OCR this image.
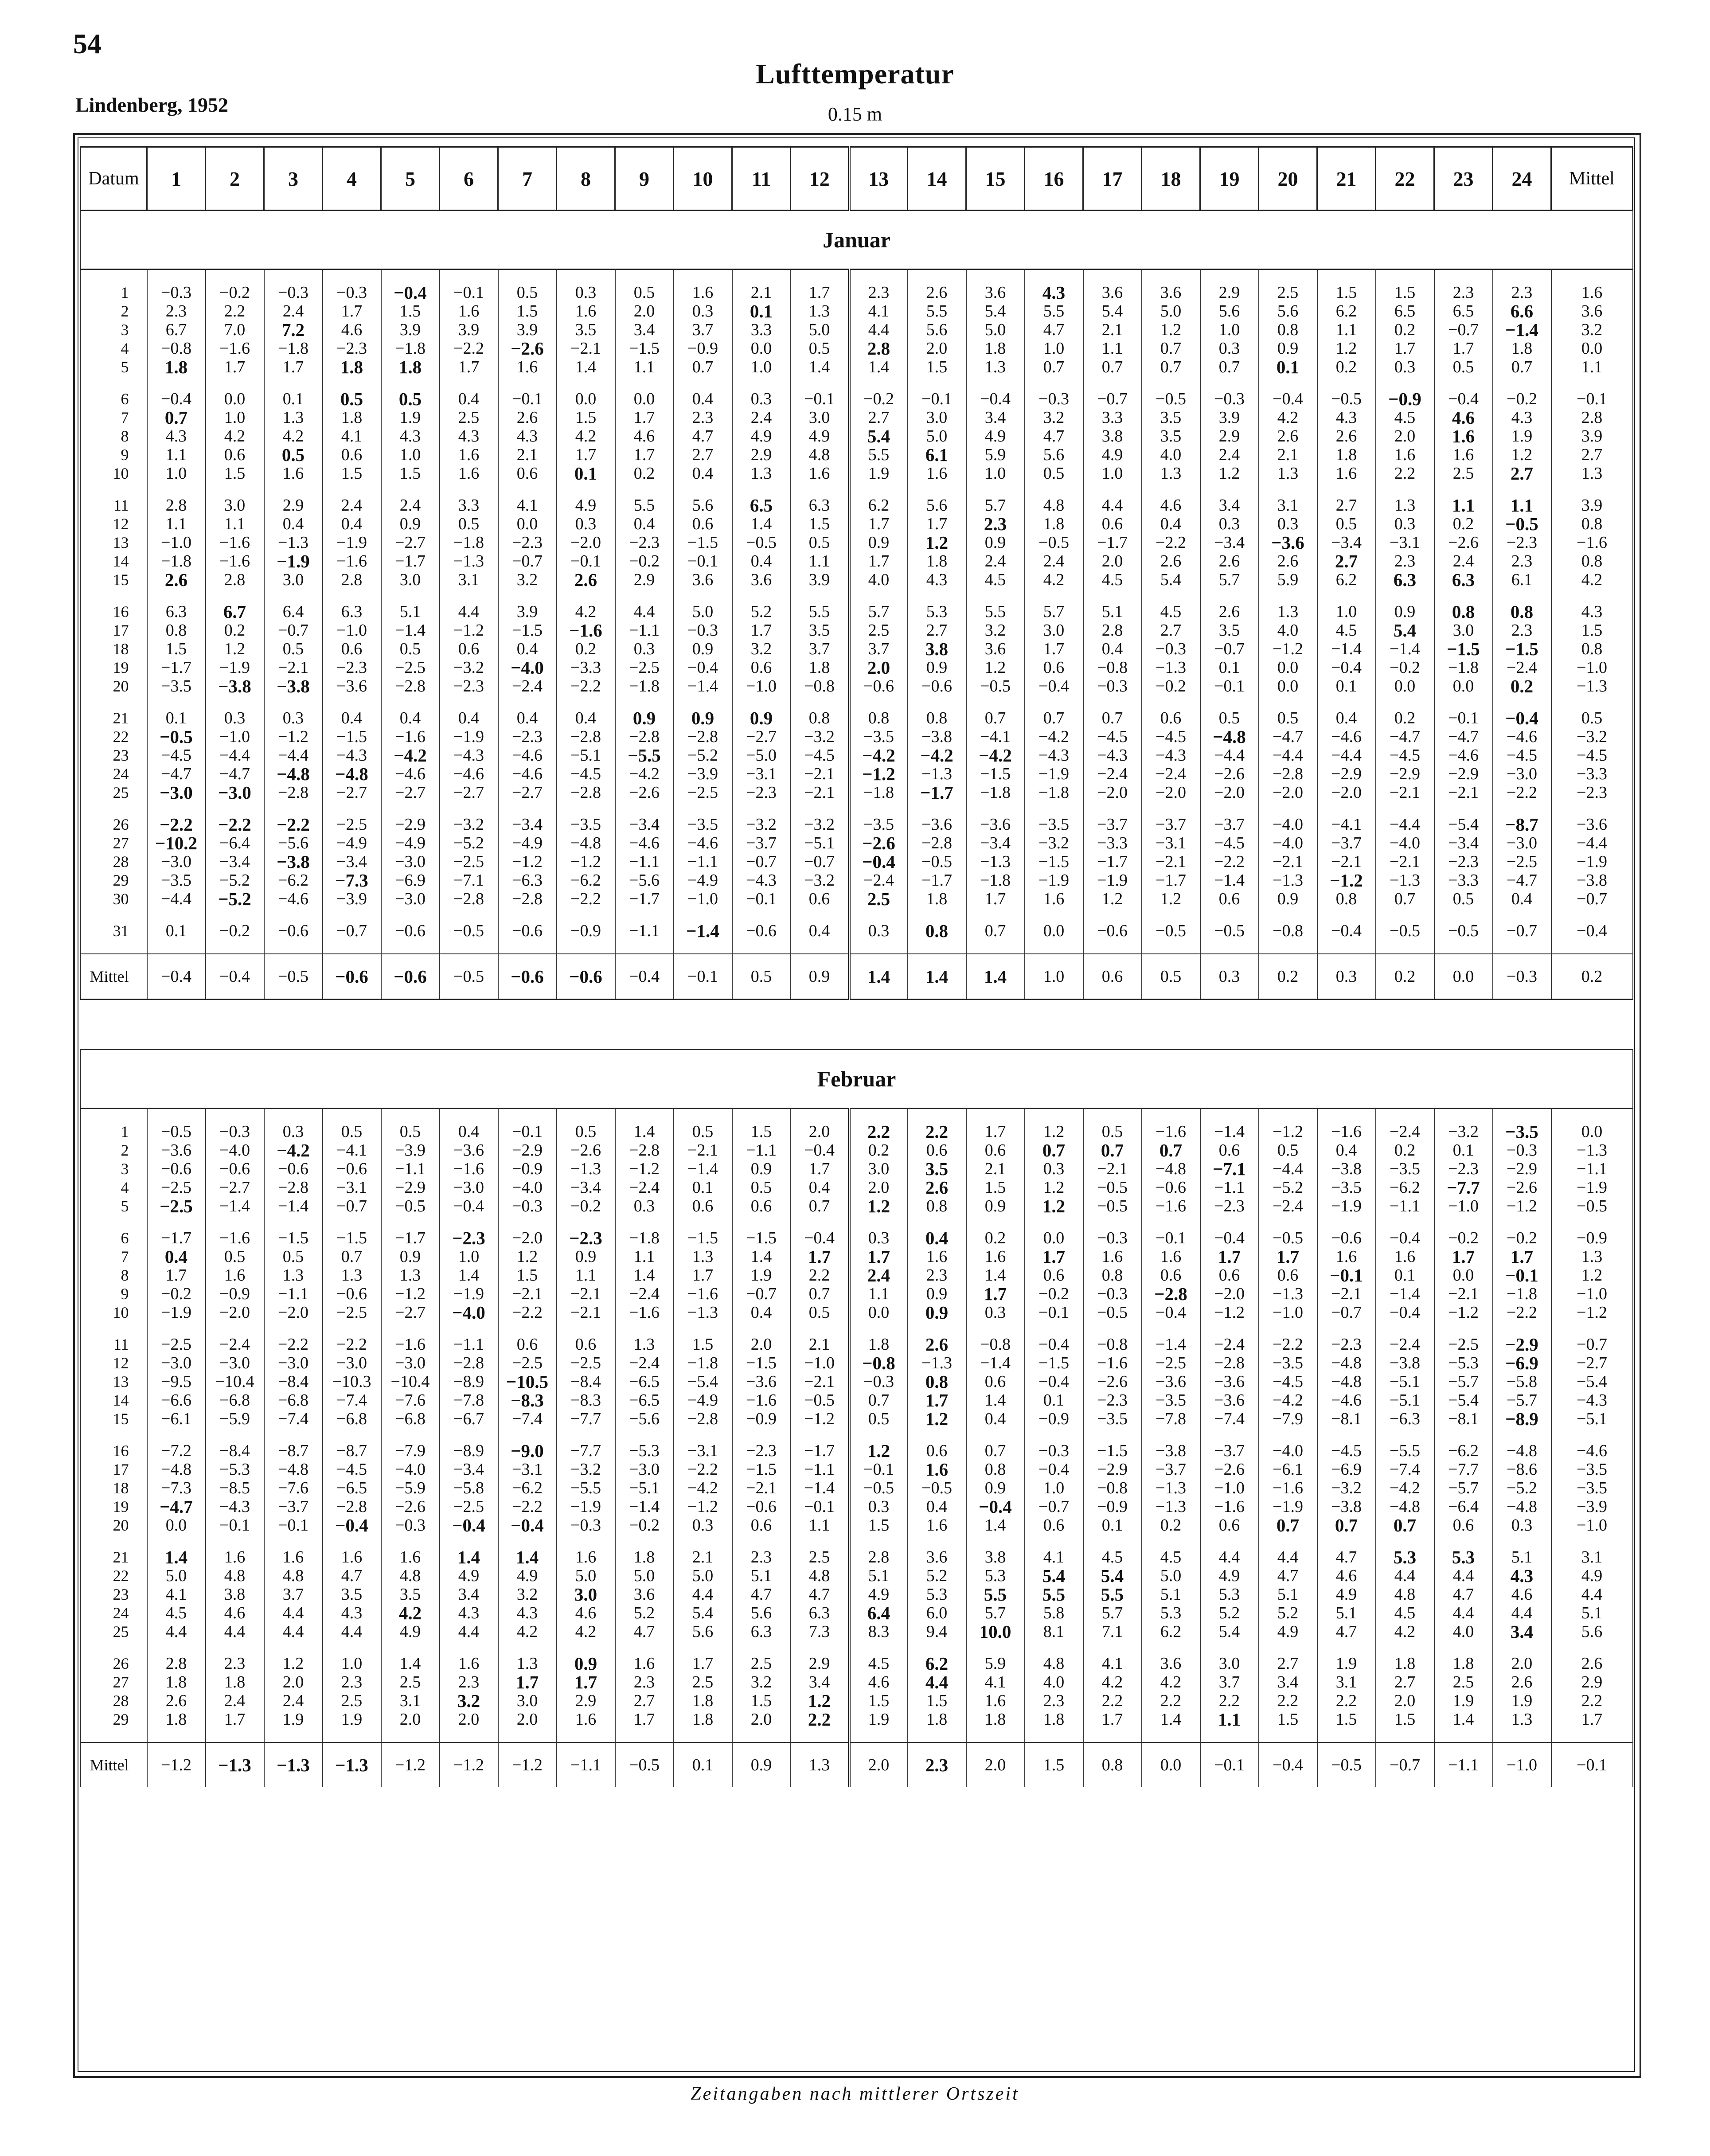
54
Lufttemperatur
Lindenberg, 1952	0.15 m
Datum	1	2	3	4	5	6	7	8	9	10	11	12	13	14	15	16	17	18	19	20	21	22	23	24	Mittel
Januar																									

1	−0.3	−0.2	−0.3	−0.3	−0.4	−0.1	0.5	0.3	0.5	1.6	2.1	1.7	2.3	2.6	3.6	4.3	3.6	3.6	2.9	2.5	1.5	1.5	2.3	2.3	1.6
2	2.3	2.2	2.4	1.7	1.5	1.6	1.5	1.6	2.0	0.3	0.1	1.3	4.1	5.5	5.4	5.5	5.4	5.0	5.6	5.6	6.2	6.5	6.5	6.6	3.6
3	6.7	7.0	7.2	4.6	3.9	3.9	3.9	3.5	3.4	3.7	3.3	5.0	4.4	5.6	5.0	4.7	2.1	1.2	1.0	0.8	1.1	0.2	−0.7	−1.4	3.2
4	−0.8	−1.6	−1.8	−2.3	−1.8	−2.2	−2.6	−2.1	−1.5	−0.9	0.0	0.5	2.8	2.0	1.8	1.0	1.1	0.7	0.3	0.9	1.2	1.7	1.7	1.8	0.0
5	1.8	1.7	1.7	1.8	1.8	1.7	1.6	1.4	1.1	0.7	1.0	1.4	1.4	1.5	1.3	0.7	0.7	0.7	0.7	0.1	0.2	0.3	0.5	0.7	1.1

6	−0.4	0.0	0.1	0.5	0.5	0.4	−0.1	0.0	0.0	0.4	0.3	−0.1	−0.2	−0.1	−0.4	−0.3	−0.7	−0.5	−0.3	−0.4	−0.5	−0.9	−0.4	−0.2	−0.1
7	0.7	1.0	1.3	1.8	1.9	2.5	2.6	1.5	1.7	2.3	2.4	3.0	2.7	3.0	3.4	3.2	3.3	3.5	3.9	4.2	4.3	4.5	4.6	4.3	2.8
8	4.3	4.2	4.2	4.1	4.3	4.3	4.3	4.2	4.6	4.7	4.9	4.9	5.4	5.0	4.9	4.7	3.8	3.5	2.9	2.6	2.6	2.0	1.6	1.9	3.9
9	1.1	0.6	0.5	0.6	1.0	1.6	2.1	1.7	1.7	2.7	2.9	4.8	5.5	6.1	5.9	5.6	4.9	4.0	2.4	2.1	1.8	1.6	1.6	1.2	2.7
10	1.0	1.5	1.6	1.5	1.5	1.6	0.6	0.1	0.2	0.4	1.3	1.6	1.9	1.6	1.0	0.5	1.0	1.3	1.2	1.3	1.6	2.2	2.5	2.7	1.3

11	2.8	3.0	2.9	2.4	2.4	3.3	4.1	4.9	5.5	5.6	6.5	6.3	6.2	5.6	5.7	4.8	4.4	4.6	3.4	3.1	2.7	1.3	1.1	1.1	3.9
12	1.1	1.1	0.4	0.4	0.9	0.5	0.0	0.3	0.4	0.6	1.4	1.5	1.7	1.7	2.3	1.8	0.6	0.4	0.3	0.3	0.5	0.3	0.2	−0.5	0.8
13	−1.0	−1.6	−1.3	−1.9	−2.7	−1.8	−2.3	−2.0	−2.3	−1.5	−0.5	0.5	0.9	1.2	0.9	−0.5	−1.7	−2.2	−3.4	−3.6	−3.4	−3.1	−2.6	−2.3	−1.6
14	−1.8	−1.6	−1.9	−1.6	−1.7	−1.3	−0.7	−0.1	−0.2	−0.1	0.4	1.1	1.7	1.8	2.4	2.4	2.0	2.6	2.6	2.6	2.7	2.3	2.4	2.3	0.8
15	2.6	2.8	3.0	2.8	3.0	3.1	3.2	2.6	2.9	3.6	3.6	3.9	4.0	4.3	4.5	4.2	4.5	5.4	5.7	5.9	6.2	6.3	6.3	6.1	4.2

16	6.3	6.7	6.4	6.3	5.1	4.4	3.9	4.2	4.4	5.0	5.2	5.5	5.7	5.3	5.5	5.7	5.1	4.5	2.6	1.3	1.0	0.9	0.8	0.8	4.3
17	0.8	0.2	−0.7	−1.0	−1.4	−1.2	−1.5	−1.6	−1.1	−0.3	1.7	3.5	2.5	2.7	3.2	3.0	2.8	2.7	3.5	4.0	4.5	5.4	3.0	2.3	1.5
18	1.5	1.2	0.5	0.6	0.5	0.6	0.4	0.2	0.3	0.9	3.2	3.7	3.7	3.8	3.6	1.7	0.4	−0.3	−0.7	−1.2	−1.4	−1.4	−1.5	−1.5	0.8
19	−1.7	−1.9	−2.1	−2.3	−2.5	−3.2	−4.0	−3.3	−2.5	−0.4	0.6	1.8	2.0	0.9	1.2	0.6	−0.8	−1.3	0.1	0.0	−0.4	−0.2	−1.8	−2.4	−1.0
20	−3.5	−3.8	−3.8	−3.6	−2.8	−2.3	−2.4	−2.2	−1.8	−1.4	−1.0	−0.8	−0.6	−0.6	−0.5	−0.4	−0.3	−0.2	−0.1	0.0	0.1	0.0	0.0	0.2	−1.3

21	0.1	0.3	0.3	0.4	0.4	0.4	0.4	0.4	0.9	0.9	0.9	0.8	0.8	0.8	0.7	0.7	0.7	0.6	0.5	0.5	0.4	0.2	−0.1	−0.4	0.5
22	−0.5	−1.0	−1.2	−1.5	−1.6	−1.9	−2.3	−2.8	−2.8	−2.8	−2.7	−3.2	−3.5	−3.8	−4.1	−4.2	−4.5	−4.5	−4.8	−4.7	−4.6	−4.7	−4.7	−4.6	−3.2
23	−4.5	−4.4	−4.4	−4.3	−4.2	−4.3	−4.6	−5.1	−5.5	−5.2	−5.0	−4.5	−4.2	−4.2	−4.2	−4.3	−4.3	−4.3	−4.4	−4.4	−4.4	−4.5	−4.6	−4.5	−4.5
24	−4.7	−4.7	−4.8	−4.8	−4.6	−4.6	−4.6	−4.5	−4.2	−3.9	−3.1	−2.1	−1.2	−1.3	−1.5	−1.9	−2.4	−2.4	−2.6	−2.8	−2.9	−2.9	−2.9	−3.0	−3.3
25	−3.0	−3.0	−2.8	−2.7	−2.7	−2.7	−2.7	−2.8	−2.6	−2.5	−2.3	−2.1	−1.8	−1.7	−1.8	−1.8	−2.0	−2.0	−2.0	−2.0	−2.0	−2.1	−2.1	−2.2	−2.3

26	−2.2	−2.2	−2.2	−2.5	−2.9	−3.2	−3.4	−3.5	−3.4	−3.5	−3.2	−3.2	−3.5	−3.6	−3.6	−3.5	−3.7	−3.7	−3.7	−4.0	−4.1	−4.4	−5.4	−8.7	−3.6
27	−10.2	−6.4	−5.6	−4.9	−4.9	−5.2	−4.9	−4.8	−4.6	−4.6	−3.7	−5.1	−2.6	−2.8	−3.4	−3.2	−3.3	−3.1	−4.5	−4.0	−3.7	−4.0	−3.4	−3.0	−4.4
28	−3.0	−3.4	−3.8	−3.4	−3.0	−2.5	−1.2	−1.2	−1.1	−1.1	−0.7	−0.7	−0.4	−0.5	−1.3	−1.5	−1.7	−2.1	−2.2	−2.1	−2.1	−2.1	−2.3	−2.5	−1.9
29	−3.5	−5.2	−6.2	−7.3	−6.9	−7.1	−6.3	−6.2	−5.6	−4.9	−4.3	−3.2	−2.4	−1.7	−1.8	−1.9	−1.9	−1.7	−1.4	−1.3	−1.2	−1.3	−3.3	−4.7	−3.8
30	−4.4	−5.2	−4.6	−3.9	−3.0	−2.8	−2.8	−2.2	−1.7	−1.0	−0.1	0.6	2.5	1.8	1.7	1.6	1.2	1.2	0.6	0.9	0.8	0.7	0.5	0.4	−0.7

31	0.1	−0.2	−0.6	−0.7	−0.6	−0.5	−0.6	−0.9	−1.1	−1.4	−0.6	0.4	0.3	0.8	0.7	0.0	−0.6	−0.5	−0.5	−0.8	−0.4	−0.5	−0.5	−0.7	−0.4

Mittel	−0.4	−0.4	−0.5	−0.6	−0.6	−0.5	−0.6	−0.6	−0.4	−0.1	0.5	0.9	1.4	1.4	1.4	1.0	0.6	0.5	0.3	0.2	0.3	0.2	0.0	−0.3	0.2

Februar																									

1	−0.5	−0.3	0.3	0.5	0.5	0.4	−0.1	0.5	1.4	0.5	1.5	2.0	2.2	2.2	1.7	1.2	0.5	−1.6	−1.4	−1.2	−1.6	−2.4	−3.2	−3.5	0.0
2	−3.6	−4.0	−4.2	−4.1	−3.9	−3.6	−2.9	−2.6	−2.8	−2.1	−1.1	−0.4	0.2	0.6	0.6	0.7	0.7	0.7	0.6	0.5	0.4	0.2	0.1	−0.3	−1.3
3	−0.6	−0.6	−0.6	−0.6	−1.1	−1.6	−0.9	−1.3	−1.2	−1.4	0.9	1.7	3.0	3.5	2.1	0.3	−2.1	−4.8	−7.1	−4.4	−3.8	−3.5	−2.3	−2.9	−1.1
4	−2.5	−2.7	−2.8	−3.1	−2.9	−3.0	−4.0	−3.4	−2.4	0.1	0.5	0.4	2.0	2.6	1.5	1.2	−0.5	−0.6	−1.1	−5.2	−3.5	−6.2	−7.7	−2.6	−1.9
5	−2.5	−1.4	−1.4	−0.7	−0.5	−0.4	−0.3	−0.2	0.3	0.6	0.6	0.7	1.2	0.8	0.9	1.2	−0.5	−1.6	−2.3	−2.4	−1.9	−1.1	−1.0	−1.2	−0.5

6	−1.7	−1.6	−1.5	−1.5	−1.7	−2.3	−2.0	−2.3	−1.8	−1.5	−1.5	−0.4	0.3	0.4	0.2	0.0	−0.3	−0.1	−0.4	−0.5	−0.6	−0.4	−0.2	−0.2	−0.9
7	0.4	0.5	0.5	0.7	0.9	1.0	1.2	0.9	1.1	1.3	1.4	1.7	1.7	1.6	1.6	1.7	1.6	1.6	1.7	1.7	1.6	1.6	1.7	1.7	1.3
8	1.7	1.6	1.3	1.3	1.3	1.4	1.5	1.1	1.4	1.7	1.9	2.2	2.4	2.3	1.4	0.6	0.8	0.6	0.6	0.6	−0.1	0.1	0.0	−0.1	1.2
9	−0.2	−0.9	−1.1	−0.6	−1.2	−1.9	−2.1	−2.1	−2.4	−1.6	−0.7	0.7	1.1	0.9	1.7	−0.2	−0.3	−2.8	−2.0	−1.3	−2.1	−1.4	−2.1	−1.8	−1.0
10	−1.9	−2.0	−2.0	−2.5	−2.7	−4.0	−2.2	−2.1	−1.6	−1.3	0.4	0.5	0.0	0.9	0.3	−0.1	−0.5	−0.4	−1.2	−1.0	−0.7	−0.4	−1.2	−2.2	−1.2

11	−2.5	−2.4	−2.2	−2.2	−1.6	−1.1	0.6	0.6	1.3	1.5	2.0	2.1	1.8	2.6	−0.8	−0.4	−0.8	−1.4	−2.4	−2.2	−2.3	−2.4	−2.5	−2.9	−0.7
12	−3.0	−3.0	−3.0	−3.0	−3.0	−2.8	−2.5	−2.5	−2.4	−1.8	−1.5	−1.0	−0.8	−1.3	−1.4	−1.5	−1.6	−2.5	−2.8	−3.5	−4.8	−3.8	−5.3	−6.9	−2.7
13	−9.5	−10.4	−8.4	−10.3	−10.4	−8.9	−10.5	−8.4	−6.5	−5.4	−3.6	−2.1	−0.3	0.8	0.6	−0.4	−2.6	−3.6	−3.6	−4.5	−4.8	−5.1	−5.7	−5.8	−5.4
14	−6.6	−6.8	−6.8	−7.4	−7.6	−7.8	−8.3	−8.3	−6.5	−4.9	−1.6	−0.5	0.7	1.7	1.4	0.1	−2.3	−3.5	−3.6	−4.2	−4.6	−5.1	−5.4	−5.7	−4.3
15	−6.1	−5.9	−7.4	−6.8	−6.8	−6.7	−7.4	−7.7	−5.6	−2.8	−0.9	−1.2	0.5	1.2	0.4	−0.9	−3.5	−7.8	−7.4	−7.9	−8.1	−6.3	−8.1	−8.9	−5.1

16	−7.2	−8.4	−8.7	−8.7	−7.9	−8.9	−9.0	−7.7	−5.3	−3.1	−2.3	−1.7	1.2	0.6	0.7	−0.3	−1.5	−3.8	−3.7	−4.0	−4.5	−5.5	−6.2	−4.8	−4.6
17	−4.8	−5.3	−4.8	−4.5	−4.0	−3.4	−3.1	−3.2	−3.0	−2.2	−1.5	−1.1	−0.1	1.6	0.8	−0.4	−2.9	−3.7	−2.6	−6.1	−6.9	−7.4	−7.7	−8.6	−3.5
18	−7.3	−8.5	−7.6	−6.5	−5.9	−5.8	−6.2	−5.5	−5.1	−4.2	−2.1	−1.4	−0.5	−0.5	0.9	1.0	−0.8	−1.3	−1.0	−1.6	−3.2	−4.2	−5.7	−5.2	−3.5
19	−4.7	−4.3	−3.7	−2.8	−2.6	−2.5	−2.2	−1.9	−1.4	−1.2	−0.6	−0.1	0.3	0.4	−0.4	−0.7	−0.9	−1.3	−1.6	−1.9	−3.8	−4.8	−6.4	−4.8	−3.9
20	0.0	−0.1	−0.1	−0.4	−0.3	−0.4	−0.4	−0.3	−0.2	0.3	0.6	1.1	1.5	1.6	1.4	0.6	0.1	0.2	0.6	0.7	0.7	0.7	0.6	0.3	−1.0

21	1.4	1.6	1.6	1.6	1.6	1.4	1.4	1.6	1.8	2.1	2.3	2.5	2.8	3.6	3.8	4.1	4.5	4.5	4.4	4.4	4.7	5.3	5.3	5.1	3.1
22	5.0	4.8	4.8	4.7	4.8	4.9	4.9	5.0	5.0	5.0	5.1	4.8	5.1	5.2	5.3	5.4	5.4	5.0	4.9	4.7	4.6	4.4	4.4	4.3	4.9
23	4.1	3.8	3.7	3.5	3.5	3.4	3.2	3.0	3.6	4.4	4.7	4.7	4.9	5.3	5.5	5.5	5.5	5.1	5.3	5.1	4.9	4.8	4.7	4.6	4.4
24	4.5	4.6	4.4	4.3	4.2	4.3	4.3	4.6	5.2	5.4	5.6	6.3	6.4	6.0	5.7	5.8	5.7	5.3	5.2	5.2	5.1	4.5	4.4	4.4	5.1
25	4.4	4.4	4.4	4.4	4.9	4.4	4.2	4.2	4.7	5.6	6.3	7.3	8.3	9.4	10.0	8.1	7.1	6.2	5.4	4.9	4.7	4.2	4.0	3.4	5.6

26	2.8	2.3	1.2	1.0	1.4	1.6	1.3	0.9	1.6	1.7	2.5	2.9	4.5	6.2	5.9	4.8	4.1	3.6	3.0	2.7	1.9	1.8	1.8	2.0	2.6
27	1.8	1.8	2.0	2.3	2.5	2.3	1.7	1.7	2.3	2.5	3.2	3.4	4.6	4.4	4.1	4.0	4.2	4.2	3.7	3.4	3.1	2.7	2.5	2.6	2.9
28	2.6	2.4	2.4	2.5	3.1	3.2	3.0	2.9	2.7	1.8	1.5	1.2	1.5	1.5	1.6	2.3	2.2	2.2	2.2	2.2	2.2	2.0	1.9	1.9	2.2
29	1.8	1.7	1.9	1.9	2.0	2.0	2.0	1.6	1.7	1.8	2.0	2.2	1.9	1.8	1.8	1.8	1.7	1.4	1.1	1.5	1.5	1.5	1.4	1.3	1.7

Mittel	−1.2	−1.3	−1.3	−1.3	−1.2	−1.2	−1.2	−1.1	−0.5	0.1	0.9	1.3	2.0	2.3	2.0	1.5	0.8	0.0	−0.1	−0.4	−0.5	−0.7	−1.1	−1.0	−0.1
Zeitangaben nach mittlerer Ortszeit
